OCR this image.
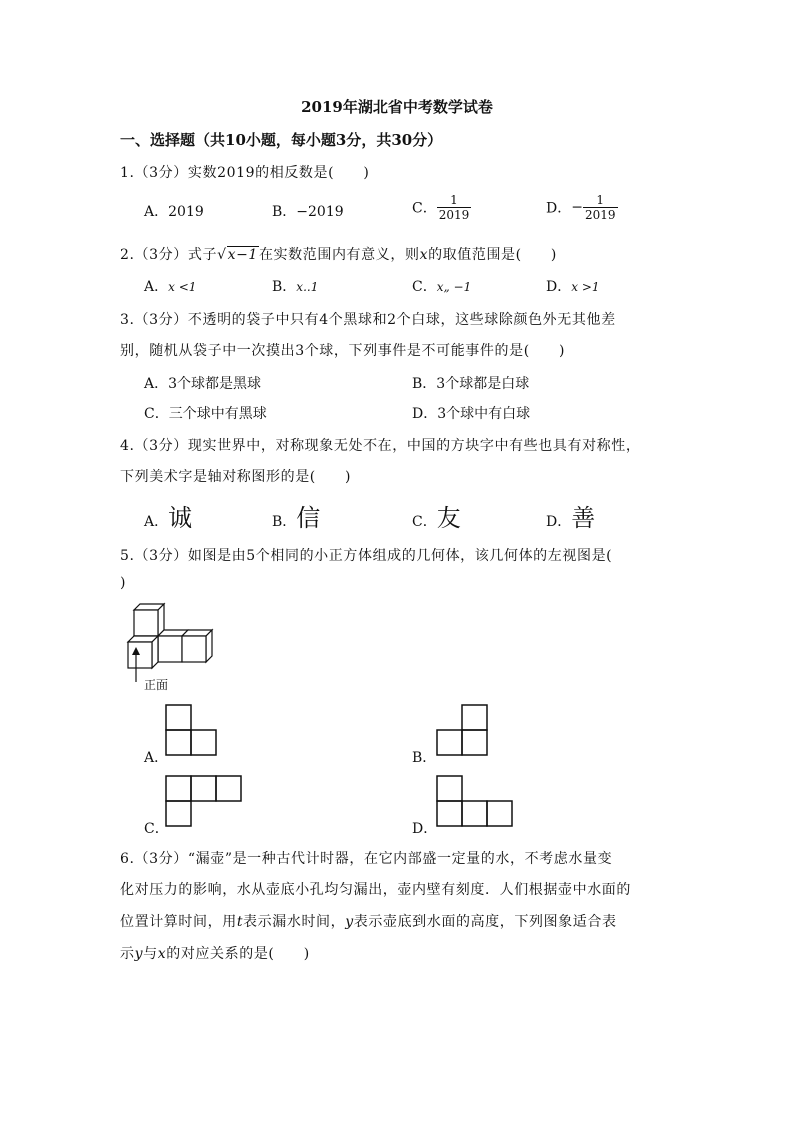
2019年湖北省中考数学试卷
一、选择题（共10小题，每小题3分，共30分）
1.（3分）实数2019的相反数是(  )
A．2019	B．−2019	C． $\frac{1}{2019}$	D．− $\frac{1}{2019}$
2.（3分）式子√x−1在实数范围内有意义，则x的取值范围是(  )
A．x <1	B．x..1	C．x„ −1	D．x >1
3.（3分）不透明的袋子中只有4个黑球和2个白球，这些球除颜色外无其他差
别，随机从袋子中一次摸出3个球，下列事件是不可能事件的是(  )
A．3个球都是黑球	B．3个球都是白球
C．三个球中有黑球	D．3个球中有白球
4.（3分）现实世界中，对称现象无处不在，中国的方块字中有些也具有对称性，
下列美术字是轴对称图形的是(  )
A．诚	B．信	C．友	D．善
5.（3分）如图是由5个相同的小正方体组成的几何体，该几何体的左视图是(
)
正面
A．	B．
C．	D．
6.（3分）“漏壶”是一种古代计时器，在它内部盛一定量的水，不考虑水量变
化对压力的影响，水从壶底小孔均匀漏出，壶内壁有刻度．人们根据壶中水面的
位置计算时间，用t表示漏水时间，y表示壶底到水面的高度，下列图象适合表
示y与x的对应关系的是(  )
